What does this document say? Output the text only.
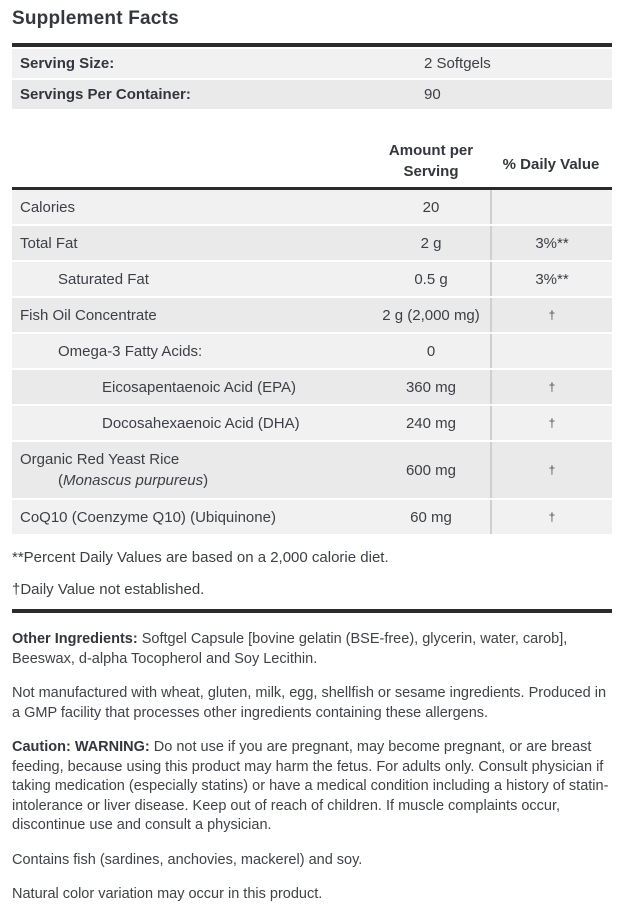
Supplement Facts
Serving Size:	2 Softgels
Servings Per Container:	90
Amount per
Serving	% Daily Value
Calories	20
Total Fat	2 g	3%**
Saturated Fat	0.5 g	3%**
Fish Oil Concentrate	2 g (2,000 mg)	†
Omega-3 Fatty Acids:	0
Eicosapentaenoic Acid (EPA)	360 mg	†
Docosahexaenoic Acid (DHA)	240 mg	†
Organic Red Yeast Rice
(Monascus purpureus)
600 mg	†
CoQ10 (Coenzyme Q10) (Ubiquinone)	60 mg	†

**Percent Daily Values are based on a 2,000 calorie diet.

†Daily Value not established.

Other Ingredients: Softgel Capsule [bovine gelatin (BSE-free), glycerin, water, carob], Beeswax, d-alpha Tocopherol and Soy Lecithin.

Not manufactured with wheat, gluten, milk, egg, shellfish or sesame ingredients. Produced in a GMP facility that processes other ingredients containing these allergens.

Caution: WARNING: Do not use if you are pregnant, may become pregnant, or are breast feeding, because using this product may harm the fetus. For adults only. Consult physician if taking medication (especially statins) or have a medical condition including a history of statin-intolerance or liver disease. Keep out of reach of children. If muscle complaints occur, discontinue use and consult a physician.

Contains fish (sardines, anchovies, mackerel) and soy.

Natural color variation may occur in this product.
